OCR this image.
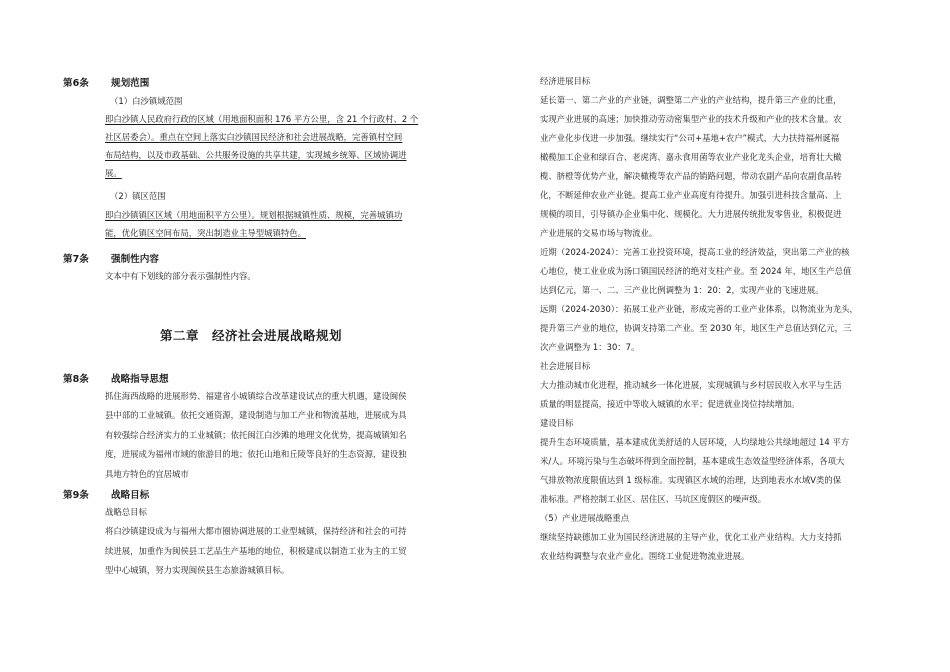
第6条 规划范围
（1）白沙镇域范围
即白沙镇人民政府行政的区域（用地面积面积 176 平方公里，含 21 个行政村、2 个
社区居委会）。重点在空间上落实白沙镇国民经济和社会进展战略，完善镇村空间
布局结构，以及市政基础、公共服务设施的共享共建，实现城乡统筹、区域协调进
展。
（2）镇区范围
即白沙镇镇区区域（用地面积平方公里）。规划根据城镇性质、规模，完善城镇功
能，优化镇区空间布局，突出制造业主导型城镇特色。
第7条 强制性内容
文本中有下划线的部分表示强制性内容。
第二章　经济社会进展战略规划
第8条 战略指导思想
抓住海西战略的进展形势、福建省小城镇综合改革建设试点的重大机遇，建设闽侯
县中部的工业城镇。依托交通资源，建设制造与加工产业和物流基地，进展成为具
有较强综合经济实力的工业城镇；依托闽江白沙滩的地理文化优势，提高城镇知名
度，进展成为福州市域的旅游目的地；依托山地和丘陵等良好的生态资源，建设独
具地方特色的宜居城市
第9条 战略目标
战略总目标
将白沙镇建设成为与福州大都市圈协调进展的工业型城镇，保持经济和社会的可持
续进展，加重作为闽侯县工艺品生产基地的地位，积极建成以制造工业为主的工贸
型中心城镇，努力实现闽侯县生态旅游城镇目标。
经济进展目标
延长第一、第二产业的产业链，调整第二产业的产业结构，提升第三产业的比重，
实现产业进展的高速；加快推动劳动密集型产业的技术升级和产业的技术含量。农
业产业化步伐进一步加强。继续实行“公司+基地+农户”模式，大力扶持福州诞福
橄榄加工企业和绿百合、老虎湾、嘉永食用菌等农业产业化龙头企业，培育壮大橄
榄、脐橙等优势产业，解决橄榄等农产品的销路问题，带动农副产品向农副食品转
化，不断延伸农业产业链。提高工业产业高度有待提升。加强引进科技含量高、上
规模的项目，引导镇办企业集中化、规模化。大力进展传统批发零售业，积极促进
产业进展的交易市场与物流业。
近期（2024-2024）：完善工业投资环境，提高工业的经济效益，突出第二产业的核
心地位，使工业业成为汤口镇国民经济的绝对支柱产业。至 2024 年，地区生产总值
达到亿元，第一、二、三产业比例调整为 1：20：2，实现产业的飞速进展。
远期（2024-2030）：拓展工业产业链，形成完善的工业产业体系，以物流业为龙头，
提升第三产业的地位，协调支持第二产业。至 2030 年，地区生产总值达到亿元，三
次产业调整为 1：30：7。
社会进展目标
大力推动城市化进程，推动城乡一体化进展，实现城镇与乡村居民收入水平与生活
质量的明显提高，接近中等收入城镇的水平；促进就业岗位持续增加。
建设目标
提升生态环境质量，基本建成优美舒适的人居环境，人均绿地公共绿地超过 14 平方
米/人。环境污染与生态破坏得到全面控制，基本建成生态效益型经济体系，各项大
气排放物浓度限值达到 1 级标准。实现镇区水域的治理，达到地表水水域Ⅴ类的保
准标准。严格控制工业区、居住区、马坑区度假区的噪声级。
（5）产业进展战略重点
继续坚持缺德加工业为国民经济进展的主导产业，优化工业产业结构。大力支持抓
农业结构调整与农业产业化。围绕工业促进物流业进展。
